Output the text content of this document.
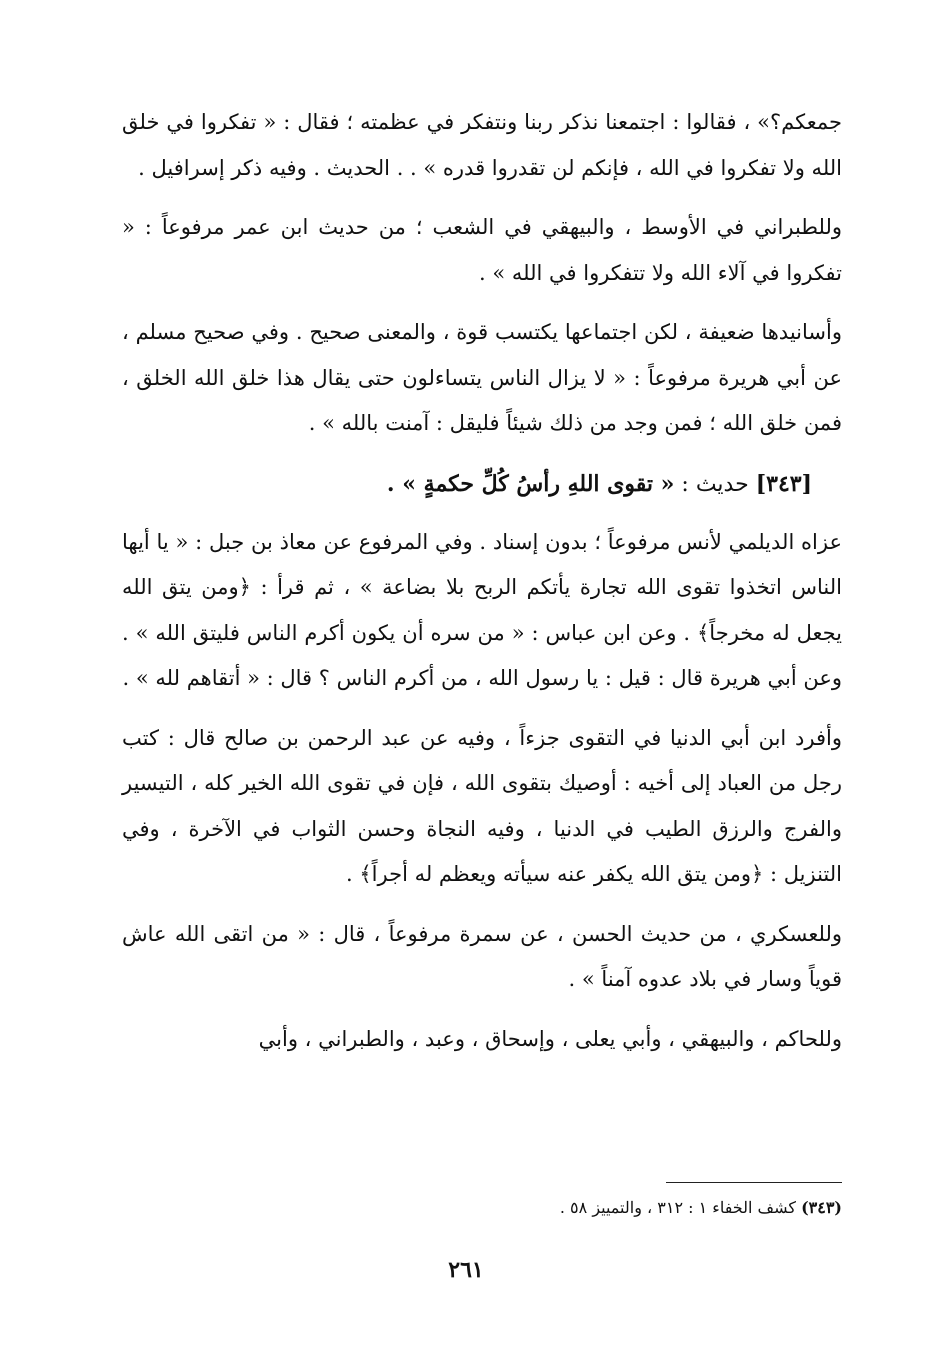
جمعكم؟» ، فقالوا : اجتمعنا نذكر ربنا ونتفكر في عظمته ؛ فقال : « تفكروا في خلق الله ولا تفكروا في الله ، فإنكم لن تقدروا قدره » . . الحديث . وفيه ذكر إسرافيل .

وللطبراني في الأوسط ، والبيهقي في الشعب ؛ من حديث ابن عمر مرفوعاً : « تفكروا في آلاء الله ولا تتفكروا في الله » .

وأسانيدها ضعيفة ، لكن اجتماعها يكتسب قوة ، والمعنى صحيح . وفي صحيح مسلم ، عن أبي هريرة مرفوعاً : « لا يزال الناس يتساءلون حتى يقال هذا خلق الله الخلق ، فمن خلق الله ؛ فمن وجد من ذلك شيئاً فليقل : آمنت بالله » .

[٣٤٣] حديث : « تقوى اللهِ رأسُ كُلِّ حكمةٍ » .

عزاه الديلمي لأنس مرفوعاً ؛ بدون إسناد . وفي المرفوع عن معاذ بن جبل : « يا أيها الناس اتخذوا تقوى الله تجارة يأتكم الربح بلا بضاعة » ، ثم قرأ : ﴿ومن يتق الله يجعل له مخرجاً﴾ . وعن ابن عباس : « من سره أن يكون أكرم الناس فليتق الله » . وعن أبي هريرة قال : قيل : يا رسول الله ، من أكرم الناس ؟ قال : « أتقاهم لله » .

وأفرد ابن أبي الدنيا في التقوى جزءاً ، وفيه عن عبد الرحمن بن صالح قال : كتب رجل من العباد إلى أخيه : أوصيك بتقوى الله ، فإن في تقوى الله الخير كله ، التيسير والفرج والرزق الطيب في الدنيا ، وفيه النجاة وحسن الثواب في الآخرة ، وفي التنزيل : ﴿ومن يتق الله يكفر عنه سيأته ويعظم له أجراً﴾ .

وللعسكري ، من حديث الحسن ، عن سمرة مرفوعاً ، قال : « من اتقى الله عاش قوياً وسار في بلاد عدوه آمناً » .

وللحاكم ، والبيهقي ، وأبي يعلى ، وإسحاق ، وعبد ، والطبراني ، وأبي

(٣٤٣) كشف الخفاء ١ : ٣١٢ ، والتمييز ٥٨ .
٢٦١
